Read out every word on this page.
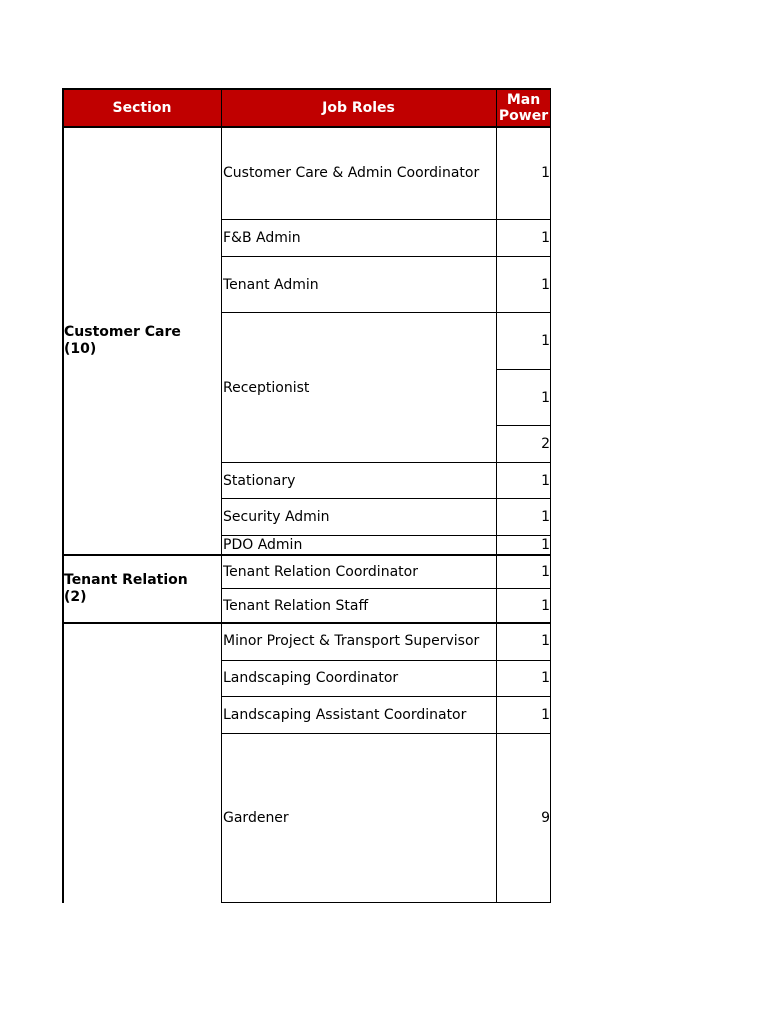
Section	Job Roles	Man Power
Customer Care (10)
Tenant Relation (2)
Customer Care & Admin Coordinator
F&B Admin
Tenant Admin
Receptionist
Stationary
Security Admin
PDO Admin
Tenant Relation Coordinator
Tenant Relation Staff
Minor Project & Transport Supervisor
Landscaping Coordinator
Landscaping Assistant Coordinator
Gardener
1
1
1
1
1
2
1
1
1
1
1
1
1
1
9
